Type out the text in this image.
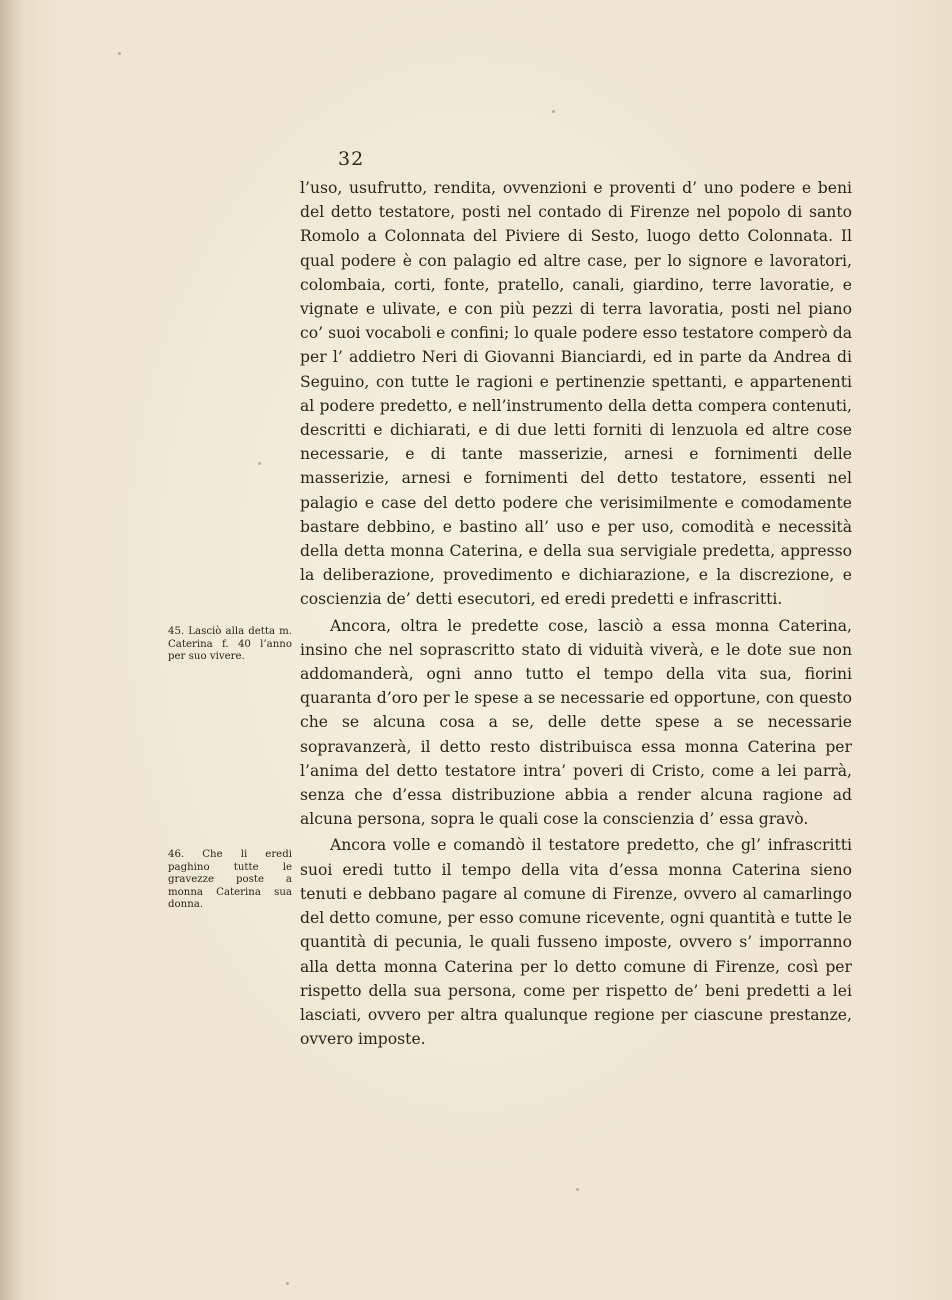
32
45. Lasciò alla detta m. Caterina f. 40 l’anno per suo vivere.
46. Che li eredi paghino tutte le gravezze poste a monna Caterina sua donna.

l’uso, usufrutto, rendita, ovvenzioni e proventi d’ uno podere e beni del detto testatore, posti nel contado di Firenze nel popolo di santo Romolo a Colonnata del Piviere di Sesto, luogo detto Colonnata. Il qual podere è con palagio ed altre case, per lo signore e lavoratori, colombaia, corti, fonte, pratello, canali, giardino, terre lavoratie, e vignate e ulivate, e con più pezzi di terra lavoratia, posti nel piano co’ suoi vocaboli e confini; lo quale podere esso testatore comperò da per l’ addietro Neri di Giovanni Bianciardi, ed in parte da Andrea di Seguino, con tutte le ragioni e pertinenzie spettanti, e appartenenti al podere predetto, e nell’instrumento della detta compera contenuti, descritti e dichiarati, e di due letti forniti di lenzuola ed altre cose necessarie, e di tante masserizie, arnesi e fornimenti delle masserizie, arnesi e fornimenti del detto testatore, essenti nel palagio e case del detto podere che verisimilmente e comodamente bastare debbino, e bastino all’ uso e per uso, comodità e necessità della detta monna Caterina, e della sua servigiale predetta, appresso la deliberazione, provedimento e dichiarazione, e la discrezione, e coscienzia de’ detti esecutori, ed eredi predetti e infrascritti.

Ancora, oltra le predette cose, lasciò a essa monna Caterina, insino che nel soprascritto stato di viduità viverà, e le dote sue non addomanderà, ogni anno tutto el tempo della vita sua, fiorini quaranta d’oro per le spese a se necessarie ed opportune, con questo che se alcuna cosa a se, delle dette spese a se necessarie sopravanzerà, il detto resto distribuisca essa monna Caterina per l’anima del detto testatore intra’ poveri di Cristo, come a lei parrà, senza che d’essa distribuzione abbia a render alcuna ragione ad alcuna persona, sopra le quali cose la conscienzia d’ essa gravò.

Ancora volle e comandò il testatore predetto, che gl’ infrascritti suoi eredi tutto il tempo della vita d’essa monna Caterina sieno tenuti e debbano pagare al comune di Firenze, ovvero al camarlingo del detto comune, per esso comune ricevente, ogni quantità e tutte le quantità di pecunia, le quali fusseno imposte, ovvero s’ imporranno alla detta monna Caterina per lo detto comune di Firenze, così per rispetto della sua persona, come per rispetto de’ beni predetti a lei lasciati, ovvero per altra qualunque regione per ciascune prestanze, ovvero imposte.
